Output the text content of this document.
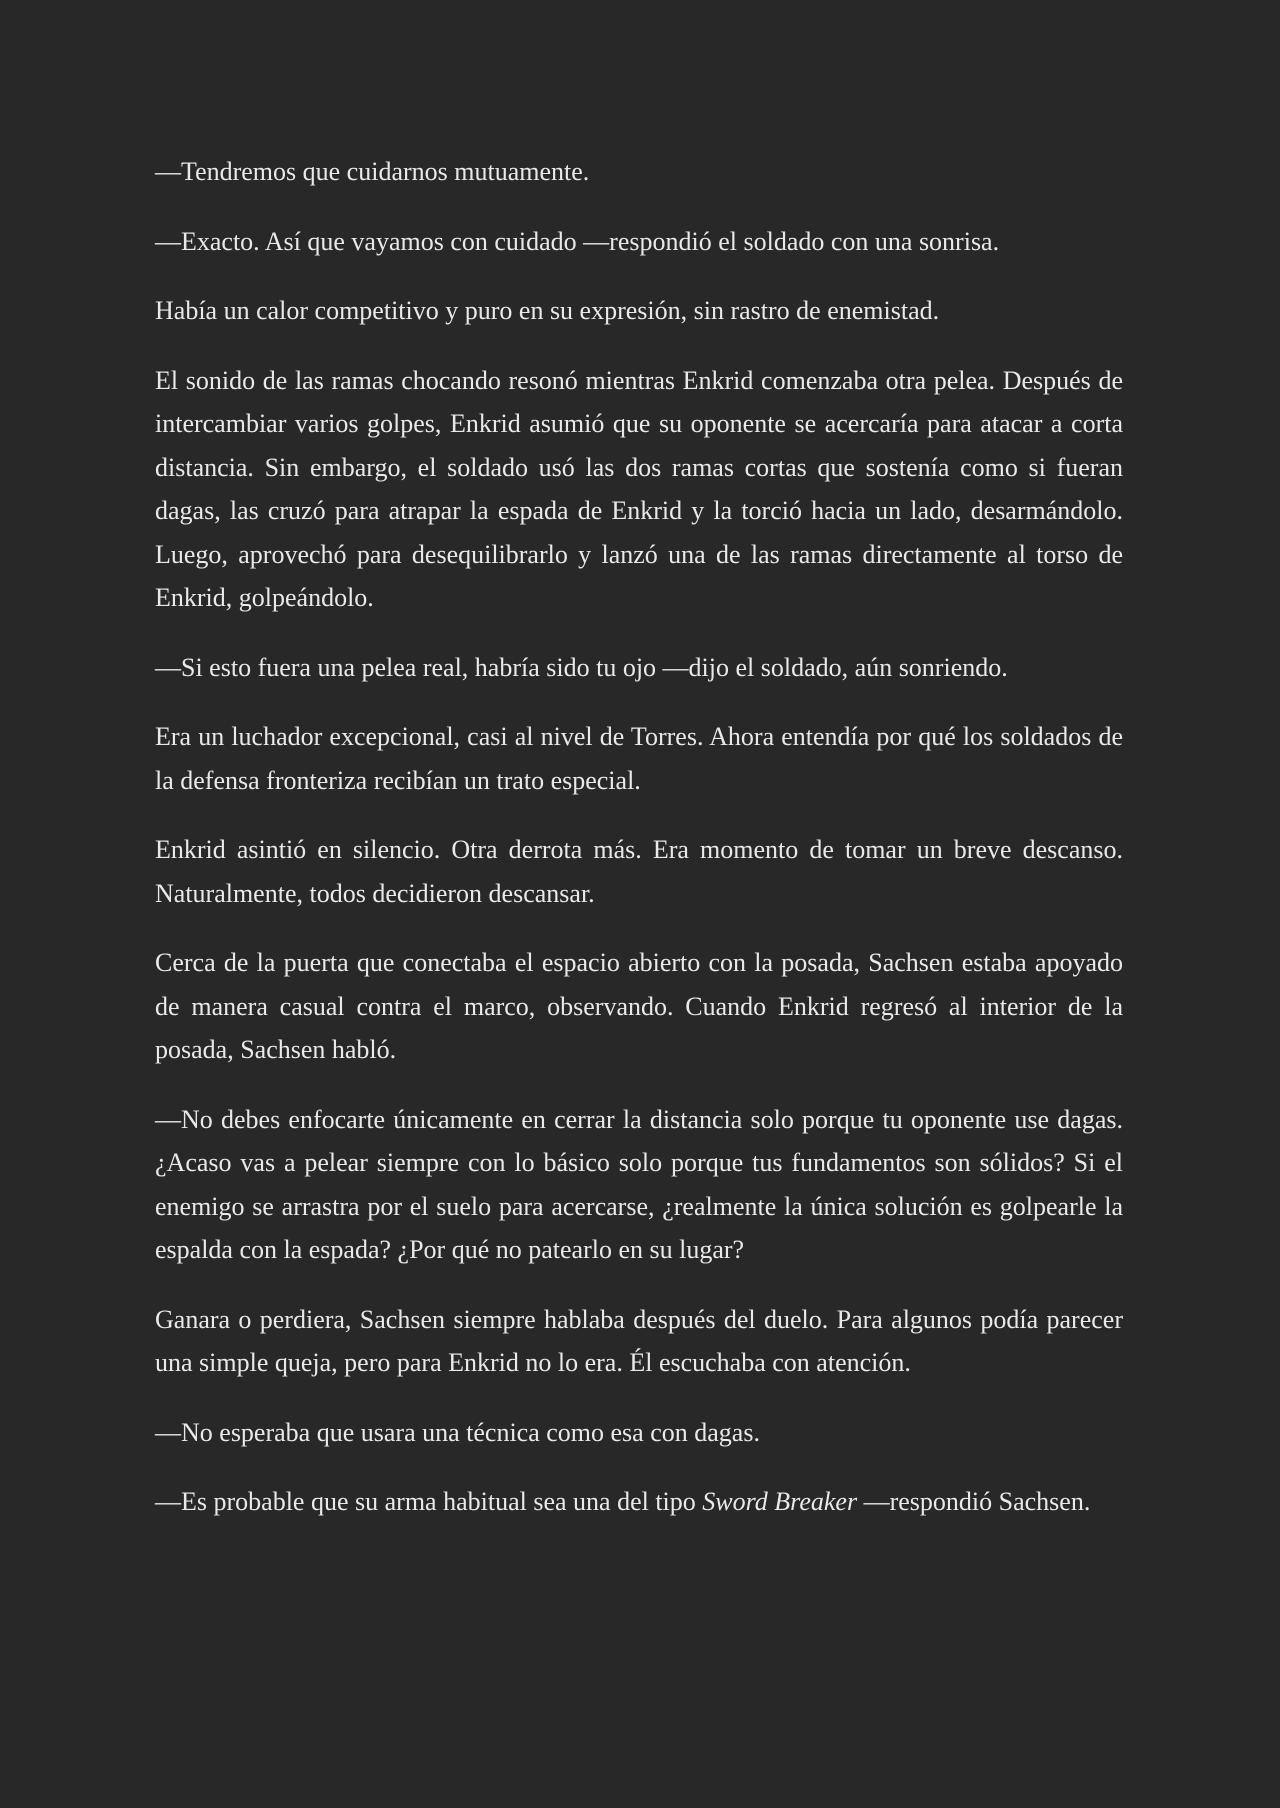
—Tendremos que cuidarnos mutuamente.

—Exacto. Así que vayamos con cuidado —respondió el soldado con una sonrisa.

Había un calor competitivo y puro en su expresión, sin rastro de enemistad.

El sonido de las ramas chocando resonó mientras Enkrid comenzaba otra pelea. Después de intercambiar varios golpes, Enkrid asumió que su oponente se acercaría para atacar a corta distancia. Sin embargo, el soldado usó las dos ramas cortas que sostenía como si fueran dagas, las cruzó para atrapar la espada de Enkrid y la torció hacia un lado, desarmándolo. Luego, aprovechó para desequilibrarlo y lanzó una de las ramas directamente al torso de Enkrid, golpeándolo.

—Si esto fuera una pelea real, habría sido tu ojo —dijo el soldado, aún sonriendo.

Era un luchador excepcional, casi al nivel de Torres. Ahora entendía por qué los soldados de la defensa fronteriza recibían un trato especial.

Enkrid asintió en silencio. Otra derrota más. Era momento de tomar un breve descanso. Naturalmente, todos decidieron descansar.

Cerca de la puerta que conectaba el espacio abierto con la posada, Sachsen estaba apoyado de manera casual contra el marco, observando. Cuando Enkrid regresó al interior de la posada, Sachsen habló.

—No debes enfocarte únicamente en cerrar la distancia solo porque tu oponente use dagas. ¿Acaso vas a pelear siempre con lo básico solo porque tus fundamentos son sólidos? Si el enemigo se arrastra por el suelo para acercarse, ¿realmente la única solución es golpearle la espalda con la espada? ¿Por qué no patearlo en su lugar?

Ganara o perdiera, Sachsen siempre hablaba después del duelo. Para algunos podía parecer una simple queja, pero para Enkrid no lo era. Él escuchaba con atención.

—No esperaba que usara una técnica como esa con dagas.

—Es probable que su arma habitual sea una del tipo Sword Breaker —respondió Sachsen.
